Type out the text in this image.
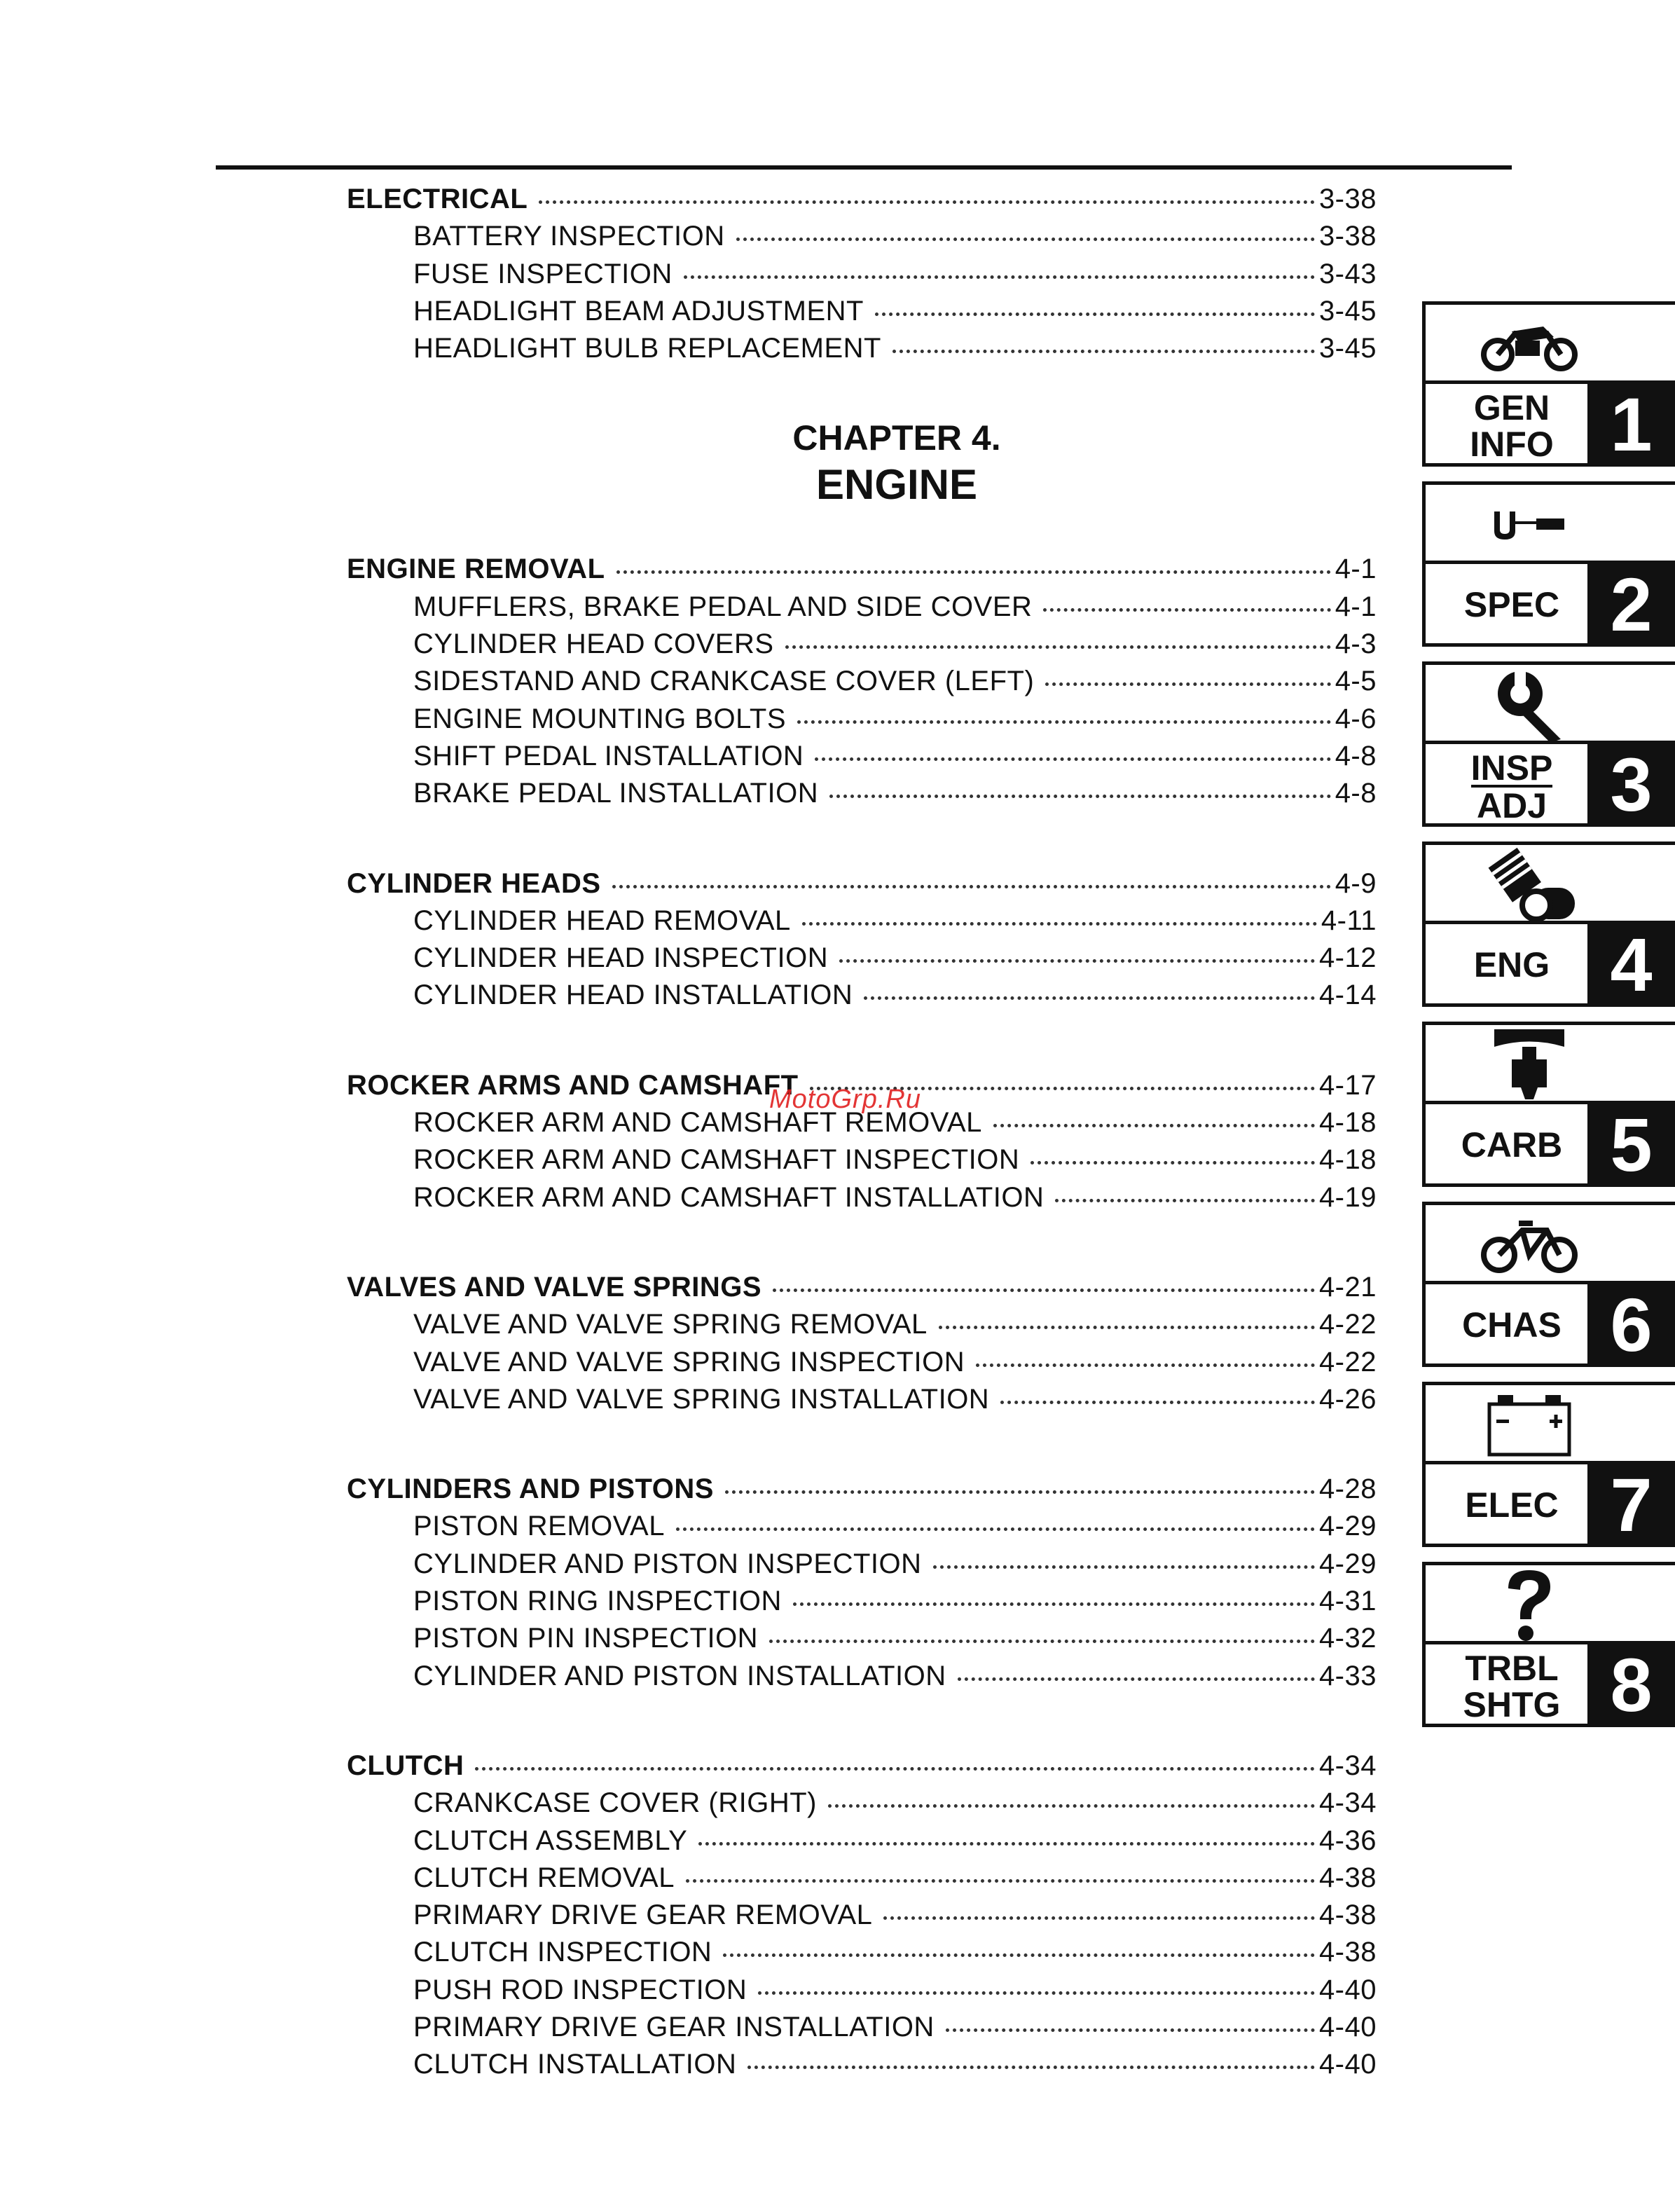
ELECTRICAL	3-38
BATTERY INSPECTION	3-38
FUSE INSPECTION	3-43
HEADLIGHT BEAM ADJUSTMENT	3-45
HEADLIGHT BULB REPLACEMENT	3-45
CHAPTER 4.
ENGINE
ENGINE REMOVAL	4-1
MUFFLERS, BRAKE PEDAL AND SIDE COVER	4-1
CYLINDER HEAD COVERS	4-3
SIDESTAND AND CRANKCASE COVER (LEFT)	4-5
ENGINE MOUNTING BOLTS	4-6
SHIFT PEDAL INSTALLATION	4-8
BRAKE PEDAL INSTALLATION	4-8
CYLINDER HEADS	4-9
CYLINDER HEAD REMOVAL	4-11
CYLINDER HEAD INSPECTION	4-12
CYLINDER HEAD INSTALLATION	4-14
ROCKER ARMS AND CAMSHAFT	4-17
ROCKER ARM AND CAMSHAFT REMOVAL	4-18
ROCKER ARM AND CAMSHAFT INSPECTION	4-18
ROCKER ARM AND CAMSHAFT INSTALLATION	4-19
VALVES AND VALVE SPRINGS	4-21
VALVE AND VALVE SPRING REMOVAL	4-22
VALVE AND VALVE SPRING INSPECTION	4-22
VALVE AND VALVE SPRING INSTALLATION	4-26
CYLINDERS AND PISTONS	4-28
PISTON REMOVAL	4-29
CYLINDER AND PISTON INSPECTION	4-29
PISTON RING INSPECTION	4-31
PISTON PIN INSPECTION	4-32
CYLINDER AND PISTON INSTALLATION	4-33
CLUTCH	4-34
CRANKCASE COVER (RIGHT)	4-34
CLUTCH ASSEMBLY	4-36
CLUTCH REMOVAL	4-38
PRIMARY DRIVE GEAR REMOVAL	4-38
CLUTCH INSPECTION	4-38
PUSH ROD INSPECTION	4-40
PRIMARY DRIVE GEAR INSTALLATION	4-40
CLUTCH INSTALLATION	4-40
MotoGrp.Ru
GEN
INFO 1
SPEC 2
INSP
ADJ 3
ENG 4
CARB 5
CHAS 6
ELEC 7
TRBL
SHTG 8
